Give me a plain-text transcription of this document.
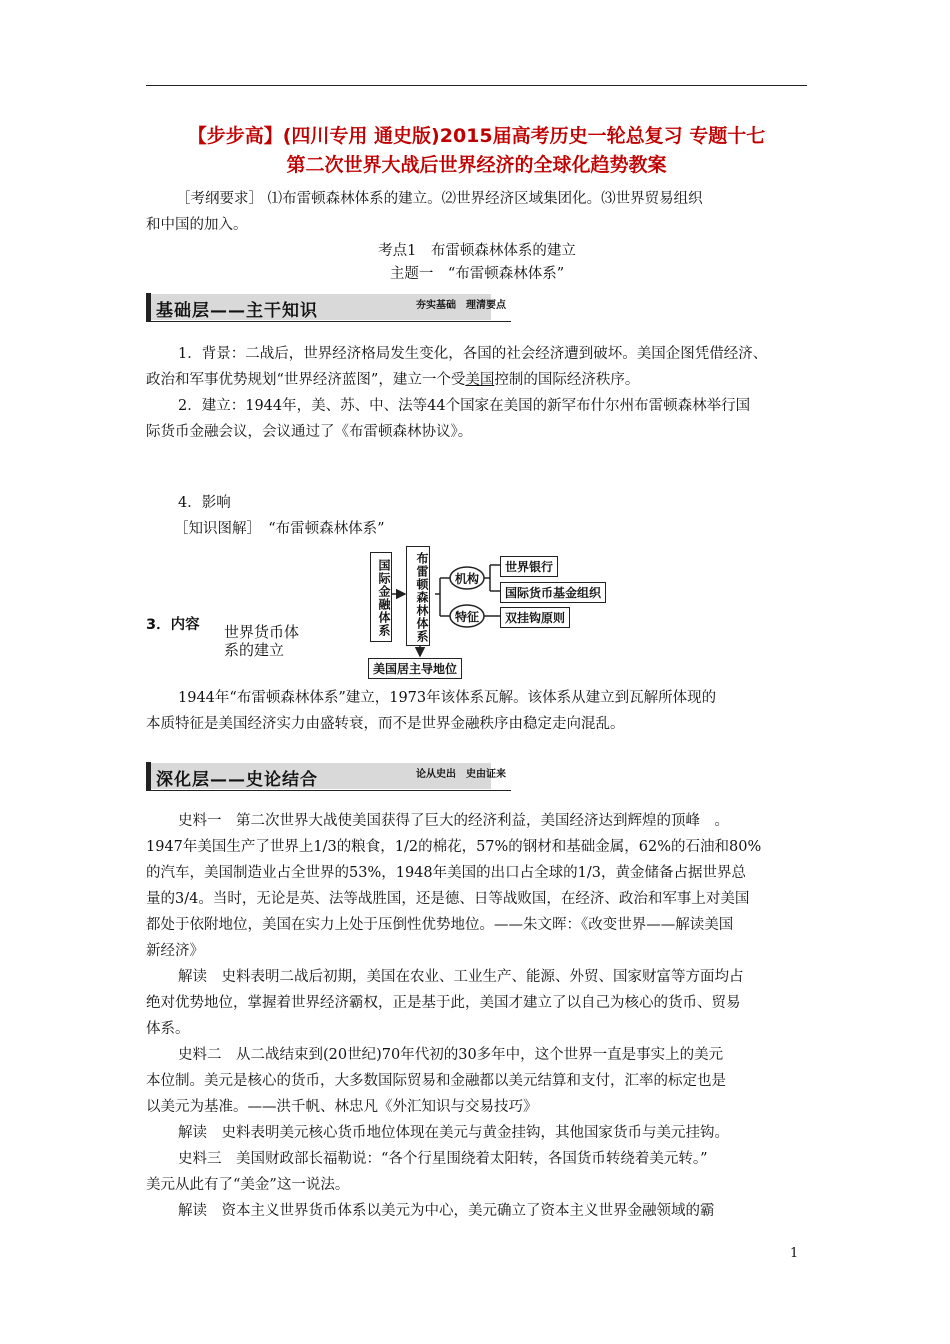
【步步高】(四川专用 通史版)2015届高考历史一轮总复习 专题十七
第二次世界大战后世界经济的全球化趋势教案
［考纲要求］ ⑴布雷顿森林体系的建立。⑵世界经济区域集团化。⑶世界贸易组织
和中国的加入。
考点1　布雷顿森林体系的建立
主题一　“布雷顿森林体系”
基础层——主干知识	夯实基础　理清要点
1．背景：二战后，世界经济格局发生变化，各国的社会经济遭到破坏。美国企图凭借经济、
政治和军事优势规划“世界经济蓝图”，建立一个受美国控制的国际经济秩序。
2．建立：1944年，美、苏、中、法等44个国家在美国的新罕布什尔州布雷顿森林举行国
际货币金融会议，会议通过了《布雷顿森林协议》。
4．影响
［知识图解］　“布雷顿森林体系”
3．内容 世界货币体
系的建立
国际金融体系	布雷顿森林体系	机构
特征
世界银行
国际货币基金组织
双挂钩原则
美国居主导地位
1944年“布雷顿森林体系”建立，1973年该体系瓦解。该体系从建立到瓦解所体现的
本质特征是美国经济实力由盛转衰，而不是世界金融秩序由稳定走向混乱。
深化层——史论结合	论从史出　史由证来
史料一　第二次世界大战使美国获得了巨大的经济利益，美国经济达到辉煌的顶峰　。
1947年美国生产了世界上1/3的粮食，1/2的棉花，57%的钢材和基础金属，62%的石油和80%
的汽车，美国制造业占全世界的53%，1948年美国的出口占全球的1/3，黄金储备占据世界总
量的3/4。当时，无论是英、法等战胜国，还是德、日等战败国，在经济、政治和军事上对美国
都处于依附地位，美国在实力上处于压倒性优势地位。——朱文晖：《改变世界——解读美国
新经济》
解读　史料表明二战后初期，美国在农业、工业生产、能源、外贸、国家财富等方面均占
绝对优势地位，掌握着世界经济霸权，正是基于此，美国才建立了以自己为核心的货币、贸易
体系。
史料二　从二战结束到(20世纪)70年代初的30多年中，这个世界一直是事实上的美元
本位制。美元是核心的货币，大多数国际贸易和金融都以美元结算和支付，汇率的标定也是
以美元为基准。——洪千帆、林忠凡《外汇知识与交易技巧》
解读　史料表明美元核心货币地位体现在美元与黄金挂钩，其他国家货币与美元挂钩。
史料三　美国财政部长福勒说：“各个行星围绕着太阳转，各国货币转绕着美元转。”
美元从此有了“美金”这一说法。
解读　资本主义世界货币体系以美元为中心，美元确立了资本主义世界金融领域的霸
1
